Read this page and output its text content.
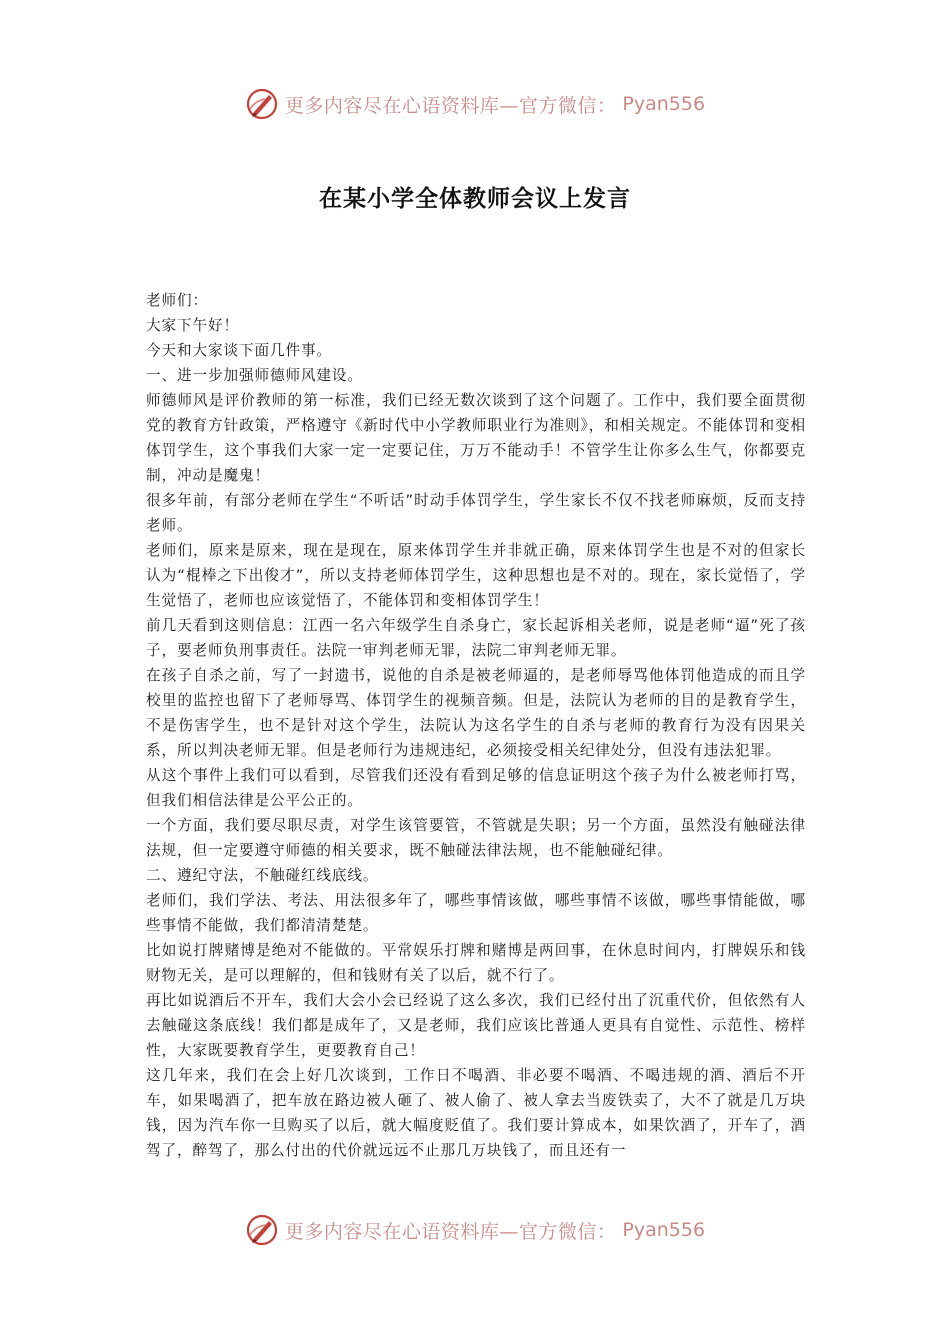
更多内容尽在心语资料库—官方微信： Pyan556
在某小学全体教师会议上发言

老师们：

大家下午好！

今天和大家谈下面几件事。

一、进一步加强师德师风建设。

师德师风是评价教师的第一标准，我们已经无数次谈到了这个问题了。工作中，我们要全面贯彻党的教育方针政策，严格遵守《新时代中小学教师职业行为准则》，和相关规定。不能体罚和变相体罚学生，这个事我们大家一定一定要记住，万万不能动手！不管学生让你多么生气，你都要克制，冲动是魔鬼！

很多年前，有部分老师在学生“不听话”时动手体罚学生，学生家长不仅不找老师麻烦，反而支持老师。

老师们，原来是原来，现在是现在，原来体罚学生并非就正确，原来体罚学生也是不对的但家长认为“棍棒之下出俊才”，所以支持老师体罚学生，这种思想也是不对的。现在，家长觉悟了，学生觉悟了，老师也应该觉悟了，不能体罚和变相体罚学生！

前几天看到这则信息：江西一名六年级学生自杀身亡，家长起诉相关老师，说是老师“逼”死了孩子，要老师负刑事责任。法院一审判老师无罪，法院二审判老师无罪。

在孩子自杀之前，写了一封遗书，说他的自杀是被老师逼的，是老师辱骂他体罚他造成的而且学校里的监控也留下了老师辱骂、体罚学生的视频音频。但是，法院认为老师的目的是教育学生，不是伤害学生，也不是针对这个学生，法院认为这名学生的自杀与老师的教育行为没有因果关系，所以判决老师无罪。但是老师行为违规违纪，必须接受相关纪律处分，但没有违法犯罪。

从这个事件上我们可以看到，尽管我们还没有看到足够的信息证明这个孩子为什么被老师打骂，但我们相信法律是公平公正的。

一个方面，我们要尽职尽责，对学生该管要管，不管就是失职；另一个方面，虽然没有触碰法律法规，但一定要遵守师德的相关要求，既不触碰法律法规，也不能触碰纪律。

二、遵纪守法，不触碰红线底线。

老师们，我们学法、考法、用法很多年了，哪些事情该做，哪些事情不该做，哪些事情能做，哪些事情不能做，我们都清清楚楚。

比如说打牌赌博是绝对不能做的。平常娱乐打牌和赌博是两回事，在休息时间内，打牌娱乐和钱财物无关，是可以理解的，但和钱财有关了以后，就不行了。

再比如说酒后不开车，我们大会小会已经说了这么多次，我们已经付出了沉重代价，但依然有人去触碰这条底线！我们都是成年了，又是老师，我们应该比普通人更具有自觉性、示范性、榜样性，大家既要教育学生，更要教育自己！

这几年来，我们在会上好几次谈到，工作日不喝酒、非必要不喝酒、不喝违规的酒、酒后不开车，如果喝酒了，把车放在路边被人砸了、被人偷了、被人拿去当废铁卖了，大不了就是几万块钱，因为汽车你一旦购买了以后，就大幅度贬值了。我们要计算成本，如果饮酒了，开车了，酒驾了，醉驾了，那么付出的代价就远远不止那几万块钱了，而且还有一

更多内容尽在心语资料库—官方微信： Pyan556
